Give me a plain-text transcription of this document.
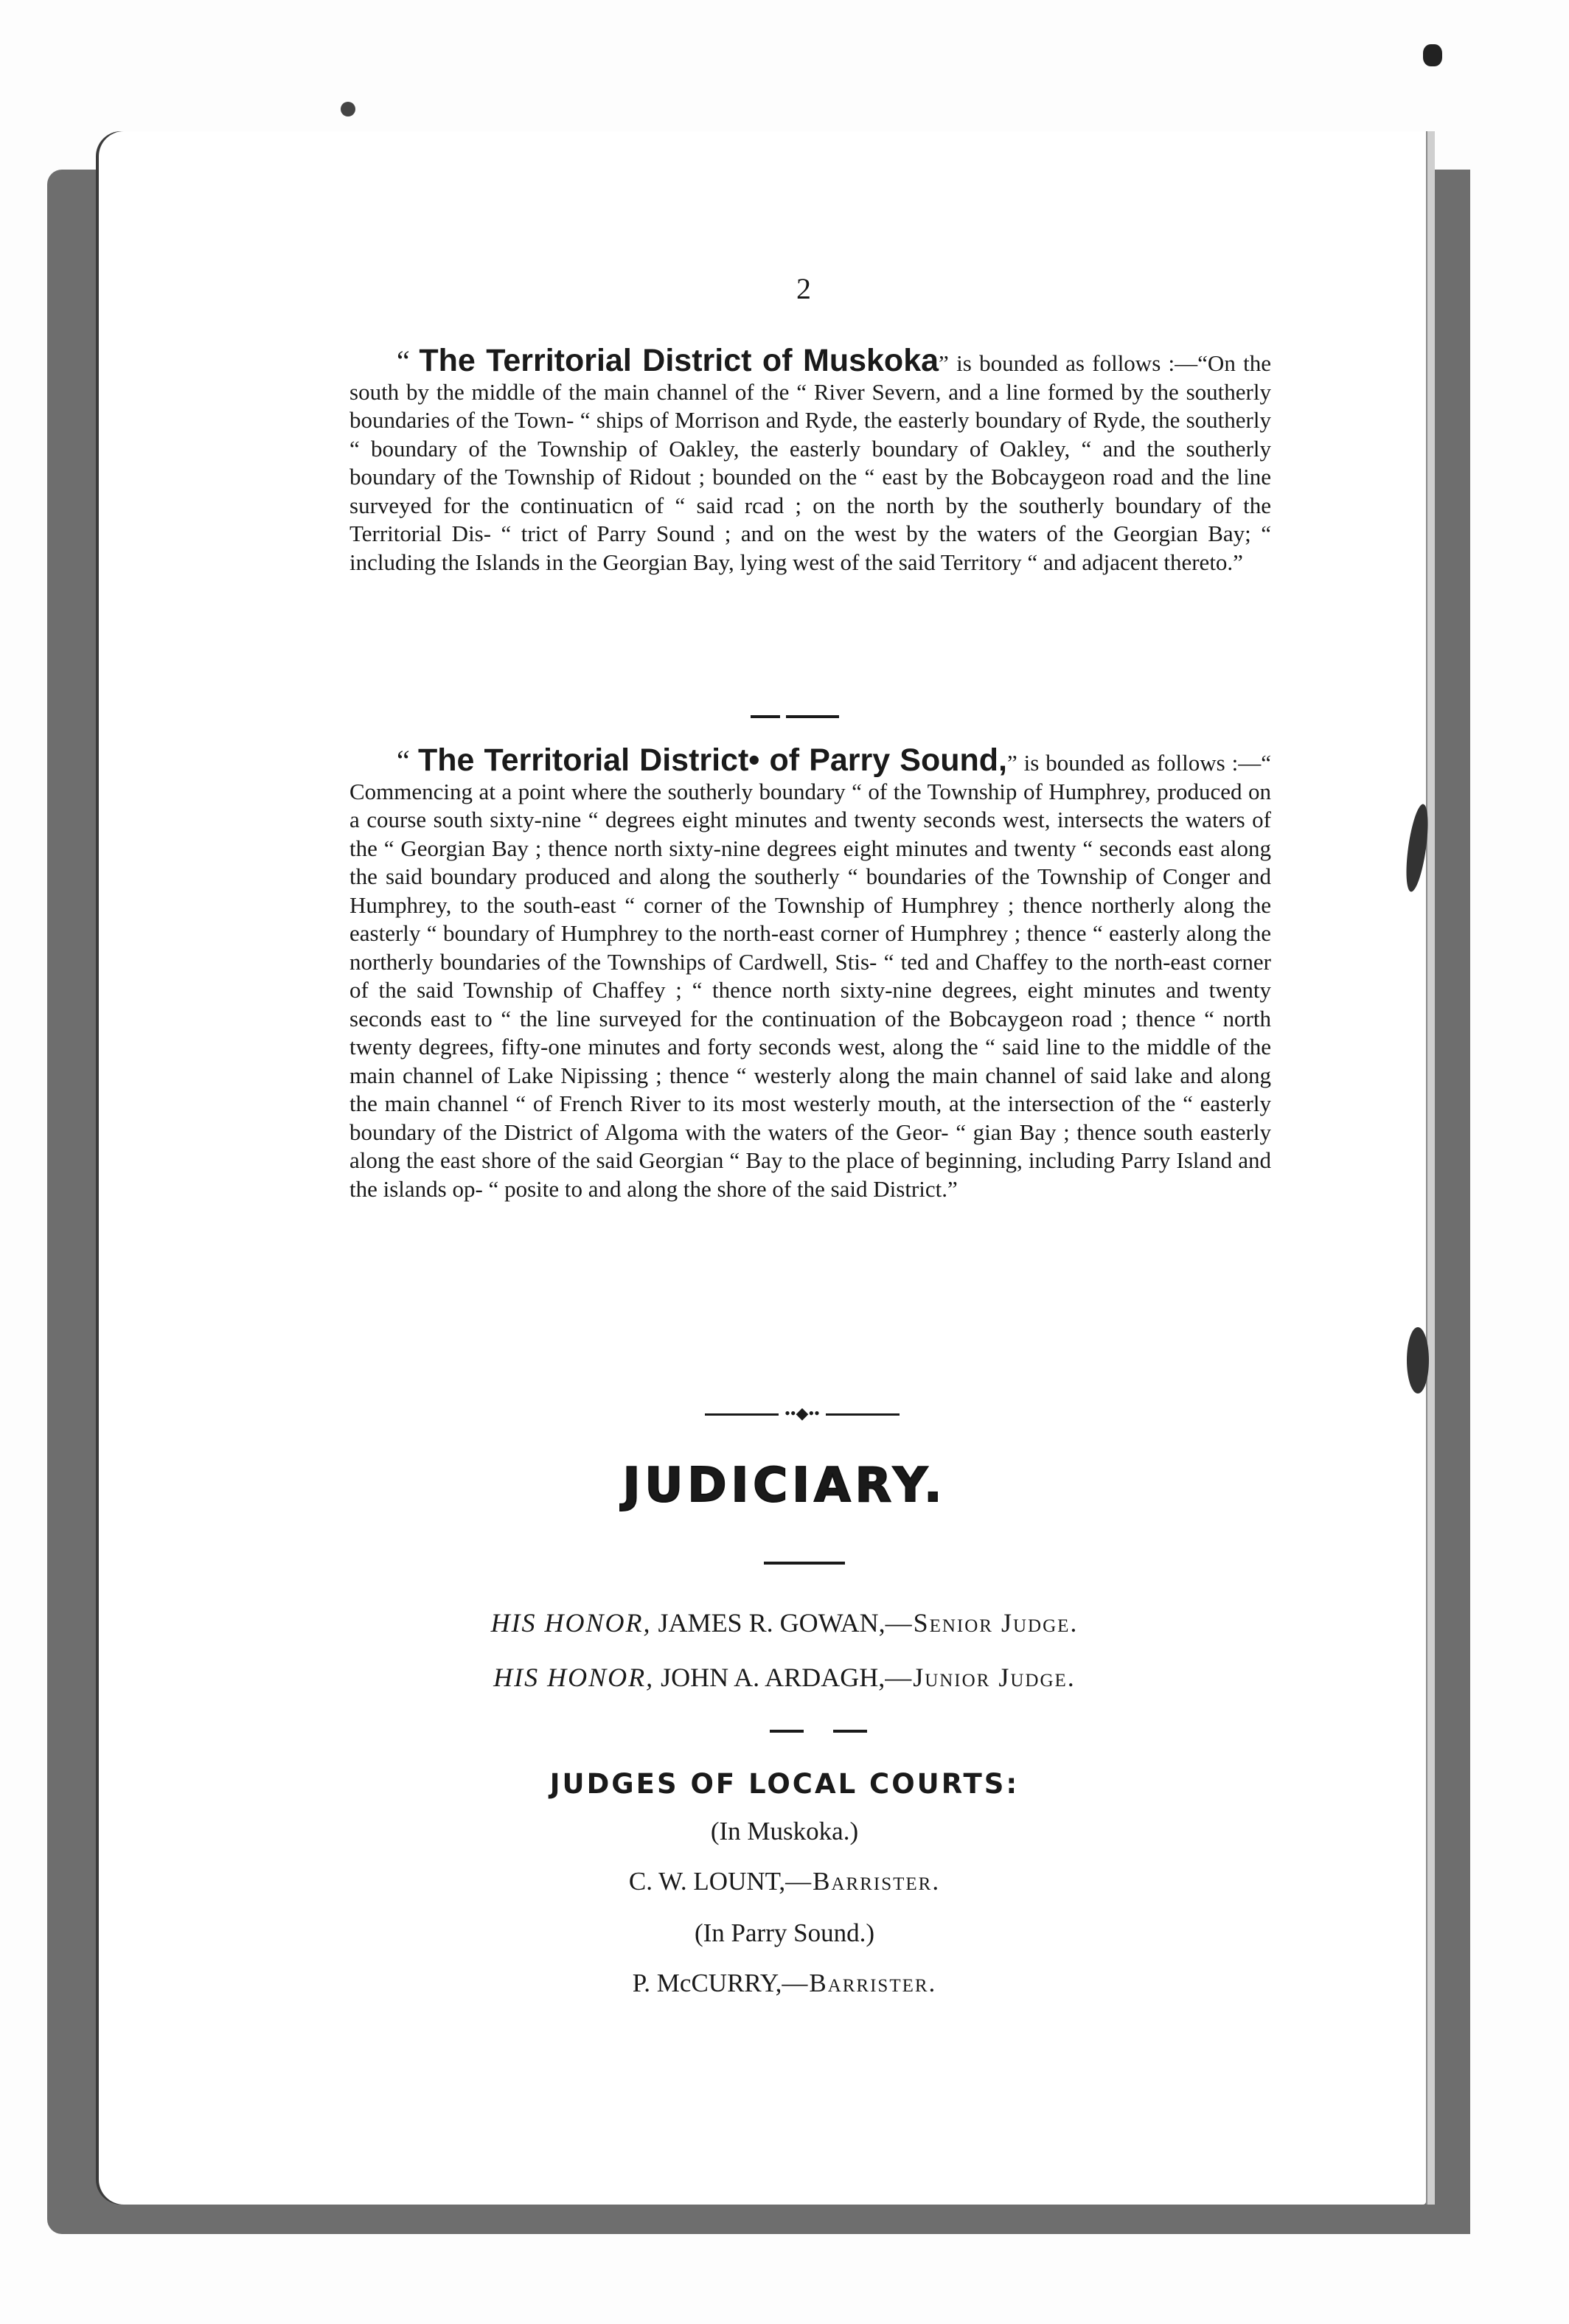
2
“ The Territorial District of Muskoka” is bounded as follows :—“On the south by the middle of the main channel of the “ River Severn, and a line formed by the southerly boundaries of the Town- “ ships of Morrison and Ryde, the easterly boundary of Ryde, the southerly “ boundary of the Township of Oakley, the easterly boundary of Oakley, “ and the southerly boundary of the Township of Ridout ; bounded on the “ east by the Bobcaygeon road and the line surveyed for the continuaticn of “ said rcad ; on the north by the southerly boundary of the Territorial Dis- “ trict of Parry Sound ; and on the west by the waters of the Georgian Bay; “ including the Islands in the Georgian Bay, lying west of the said Territory “ and adjacent thereto.”
“ The Territorial District• of Parry Sound,” is bounded as follows :—“ Commencing at a point where the southerly boundary “ of the Township of Humphrey, produced on a course south sixty-nine “ degrees eight minutes and twenty seconds west, intersects the waters of the “ Georgian Bay ; thence north sixty-nine degrees eight minutes and twenty “ seconds east along the said boundary produced and along the southerly “ boundaries of the Township of Conger and Humphrey, to the south-east “ corner of the Township of Humphrey ; thence northerly along the easterly “ boundary of Humphrey to the north-east corner of Humphrey ; thence “ easterly along the northerly boundaries of the Townships of Cardwell, Stis- “ ted and Chaffey to the north-east corner of the said Township of Chaffey ; “ thence north sixty-nine degrees, eight minutes and twenty seconds east to “ the line surveyed for the continuation of the Bobcaygeon road ; thence “ north twenty degrees, fifty-one minutes and forty seconds west, along the “ said line to the middle of the main channel of Lake Nipissing ; thence “ westerly along the main channel of said lake and along the main channel “ of French River to its most westerly mouth, at the intersection of the “ easterly boundary of the District of Algoma with the waters of the Geor- “ gian Bay ; thence south easterly along the east shore of the said Georgian “ Bay to the place of beginning, including Parry Island and the islands op- “ posite to and along the shore of the said District.”
••◆••
JUDICIARY.
HIS HONOR, JAMES R. GOWAN,—Senior Judge.
HIS HONOR, JOHN A. ARDAGH,—Junior Judge.
JUDGES OF LOCAL COURTS:
(In Muskoka.)
C. W. LOUNT,—Barrister.
(In Parry Sound.)
P. McCURRY,—Barrister.
